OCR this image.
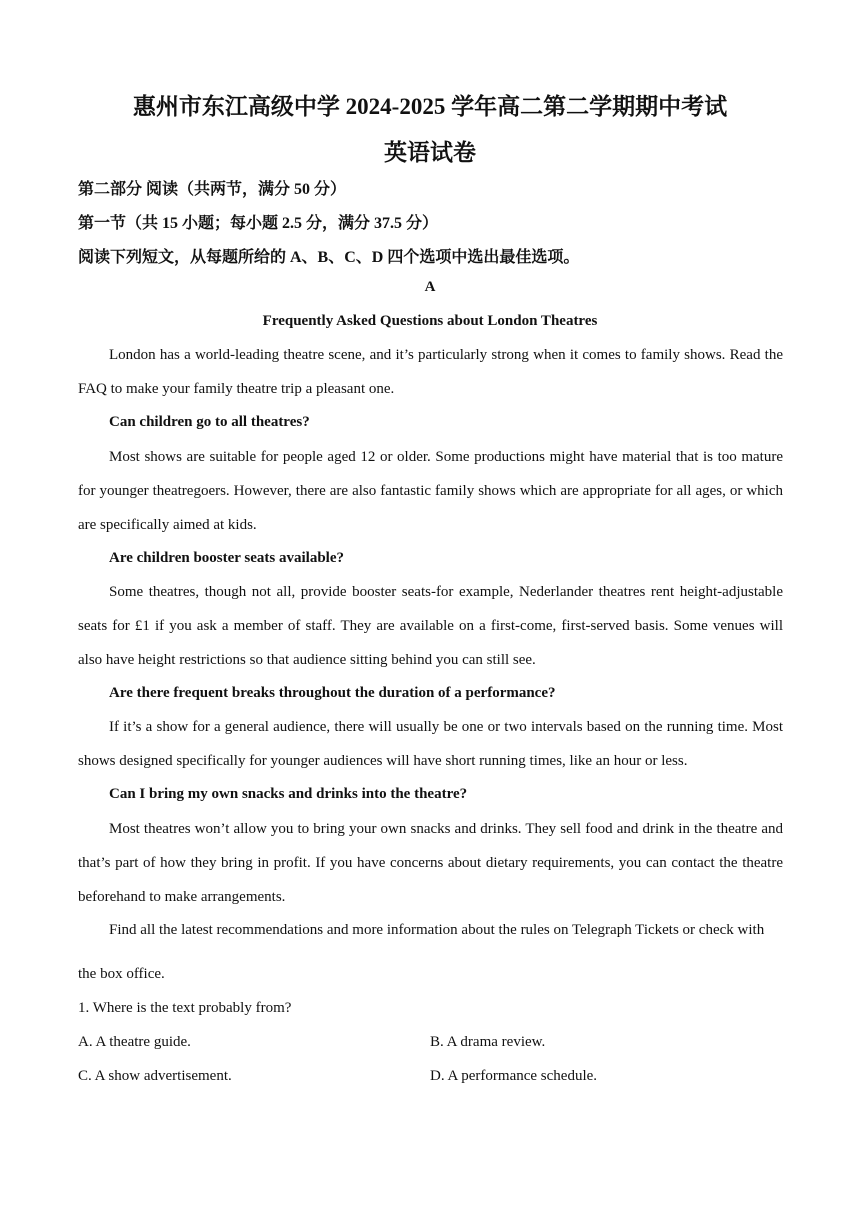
惠州市东江高级中学 2024-2025 学年高二第二学期期中考试
英语试卷
第二部分 阅读（共两节，满分 50 分）
第一节（共 15 小题；每小题 2.5 分，满分 37.5 分）
阅读下列短文，从每题所给的 A、B、C、D 四个选项中选出最佳选项。
A
Frequently Asked Questions about London Theatres
London has a world-leading theatre scene, and it’s particularly strong when it comes to family shows. Read the FAQ to make your family theatre trip a pleasant one.
Can children go to all theatres?
Most shows are suitable for people aged 12 or older. Some productions might have material that is too mature for younger theatregoers. However, there are also fantastic family shows which are appropriate for all ages, or which are specifically aimed at kids.
Are children booster seats available?
Some theatres, though not all, provide booster seats-for example, Nederlander theatres rent height-adjustable seats for £1 if you ask a member of staff. They are available on a first-come, first-served basis. Some venues will also have height restrictions so that audience sitting behind you can still see.
Are there frequent breaks throughout the duration of a performance?
If it’s a show for a general audience, there will usually be one or two intervals based on the running time. Most shows designed specifically for younger audiences will have short running times, like an hour or less.
Can I bring my own snacks and drinks into the theatre?
Most theatres won’t allow you to bring your own snacks and drinks. They sell food and drink in the theatre and that’s part of how they bring in profit. If you have concerns about dietary requirements, you can contact the theatre beforehand to make arrangements.
Find all the latest recommendations and more information about the rules on Telegraph Tickets or check with
the box office.
1. Where is the text probably from?
A. A theatre guide.	B. A drama review.
C. A show advertisement.	D. A performance schedule.
